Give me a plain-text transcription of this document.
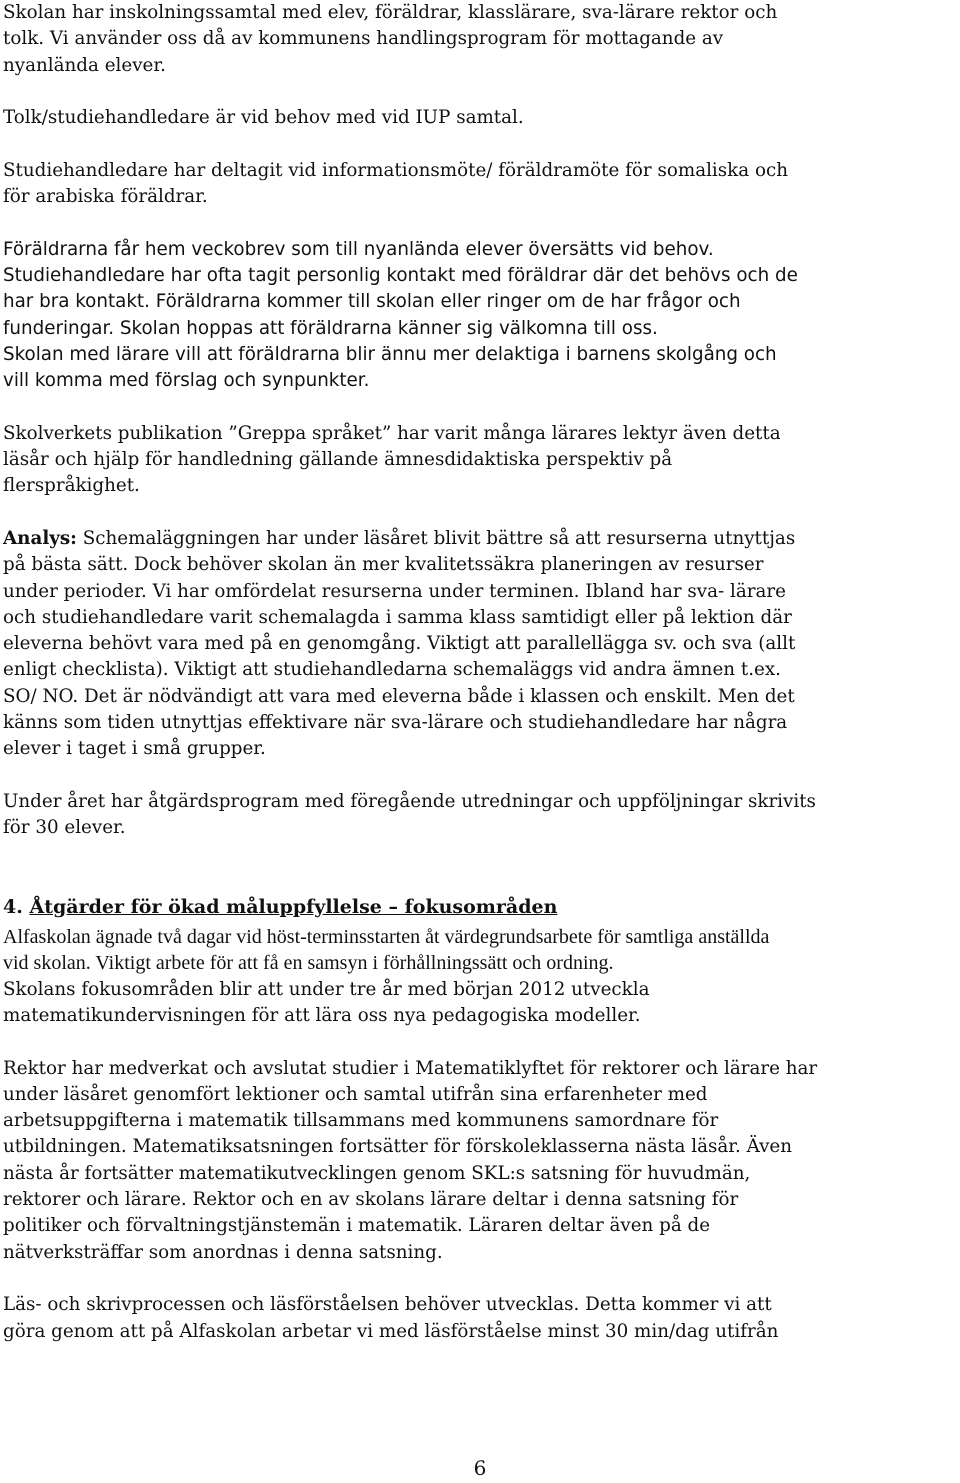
Skolan har inskolningssamtal med elev, föräldrar, klasslärare, sva-lärare rektor och

tolk. Vi använder oss då av kommunens handlingsprogram för mottagande av

nyanlända elever.

Tolk/studiehandledare är vid behov med vid IUP samtal.

Studiehandledare har deltagit vid informationsmöte/ föräldramöte för somaliska och

för arabiska föräldrar.

Föräldrarna får hem veckobrev som till nyanlända elever översätts vid behov.

Studiehandledare har ofta tagit personlig kontakt med föräldrar där det behövs och de

har bra kontakt. Föräldrarna kommer till skolan eller ringer om de har frågor och

funderingar. Skolan hoppas att föräldrarna känner sig välkomna till oss.

Skolan med lärare vill att föräldrarna blir ännu mer delaktiga i barnens skolgång och

vill komma med förslag och synpunkter.

Skolverkets publikation ”Greppa språket” har varit många lärares lektyr även detta

läsår och hjälp för handledning gällande ämnesdidaktiska perspektiv på

flerspråkighet.

Analys: Schemaläggningen har under läsåret blivit bättre så att resurserna utnyttjas

på bästa sätt. Dock behöver skolan än mer kvalitetssäkra planeringen av resurser

under perioder. Vi har omfördelat resurserna under terminen. Ibland har sva- lärare

och studiehandledare varit schemalagda i samma klass samtidigt eller på lektion där

eleverna behövt vara med på en genomgång. Viktigt att parallellägga sv. och sva (allt

enligt checklista). Viktigt att studiehandledarna schemaläggs vid andra ämnen t.ex.

SO/ NO. Det är nödvändigt att vara med eleverna både i klassen och enskilt. Men det

känns som tiden utnyttjas effektivare när sva-lärare och studiehandledare har några

elever i taget i små grupper.

Under året har åtgärdsprogram med föregående utredningar och uppföljningar skrivits

för 30 elever.

4. Åtgärder för ökad måluppfyllelse – fokusområden

Alfaskolan ägnade två dagar vid höst-terminsstarten åt värdegrundsarbete för samtliga anställda

vid skolan. Viktigt arbete för att få en samsyn i förhållningssätt och ordning.

Skolans fokusområden blir att under tre år med början 2012 utveckla

matematikundervisningen för att lära oss nya pedagogiska modeller.

Rektor har medverkat och avslutat studier i Matematiklyftet för rektorer och lärare har

under läsåret genomfört lektioner och samtal utifrån sina erfarenheter med

arbetsuppgifterna i matematik tillsammans med kommunens samordnare för

utbildningen. Matematiksatsningen fortsätter för förskoleklasserna nästa läsår. Även

nästa år fortsätter matematikutvecklingen genom SKL:s satsning för huvudmän,

rektorer och lärare. Rektor och en av skolans lärare deltar i denna satsning för

politiker och förvaltningstjänstemän i matematik. Läraren deltar även på de

nätverksträffar som anordnas i denna satsning.

Läs- och skrivprocessen och läsförståelsen behöver utvecklas. Detta kommer vi att

göra genom att på Alfaskolan arbetar vi med läsförståelse minst 30 min/dag utifrån

6
